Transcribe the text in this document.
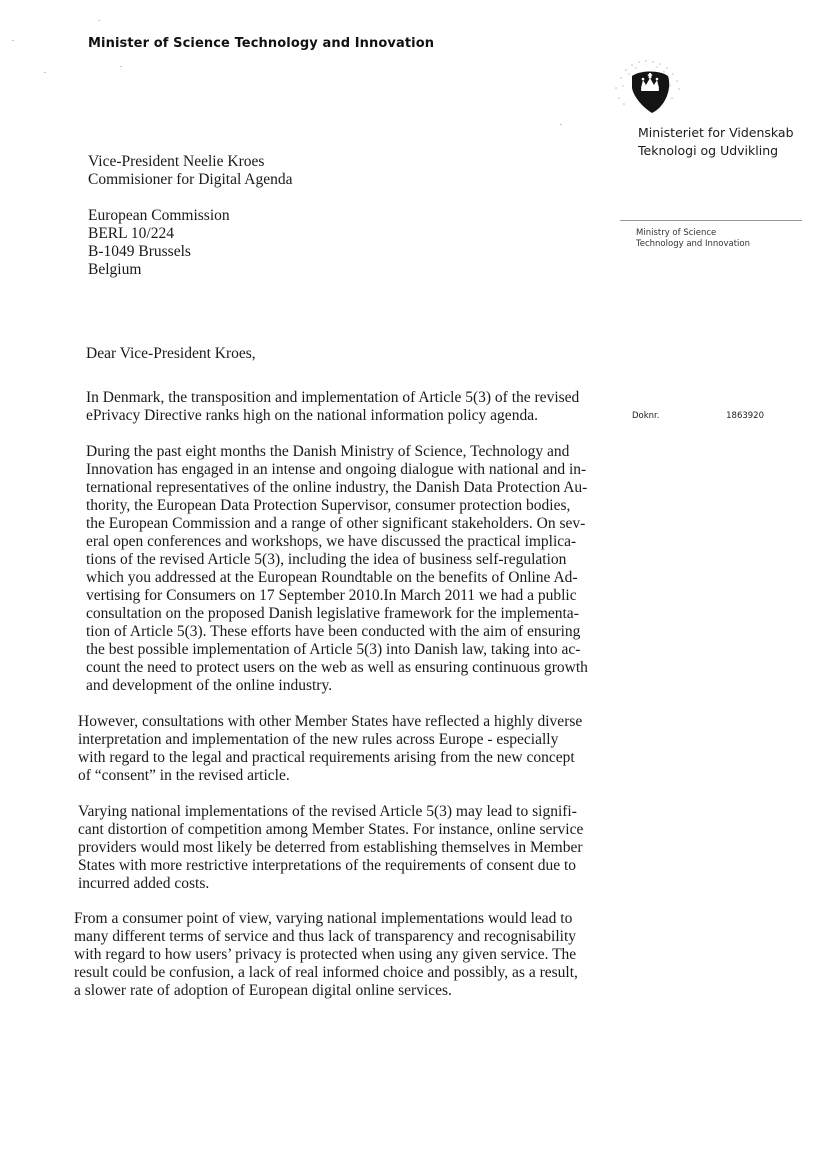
Minister of Science Technology and Innovation
Ministeriet for Videnskab
Teknologi og Udvikling
Ministry of Science
Technology and Innovation
Doknr.	1863920
Vice-President Neelie Kroes
Commisioner for Digital Agenda
European Commission
BERL 10/224
B-1049 Brussels
Belgium
Dear Vice-President Kroes,
In Denmark, the transposition and implementation of Article 5(3) of the revised
ePrivacy Directive ranks high on the national information policy agenda.
During the past eight months the Danish Ministry of Science, Technology and
Innovation has engaged in an intense and ongoing dialogue with national and in-
ternational representatives of the online industry, the Danish Data Protection Au-
thority, the European Data Protection Supervisor, consumer protection bodies,
the European Commission and a range of other significant stakeholders. On sev-
eral open conferences and workshops, we have discussed the practical implica-
tions of the revised Article 5(3), including the idea of business self-regulation
which you addressed at the European Roundtable on the benefits of Online Ad-
vertising for Consumers on 17 September 2010.In March 2011 we had a public
consultation on the proposed Danish legislative framework for the implementa-
tion of Article 5(3). These efforts have been conducted with the aim of ensuring
the best possible implementation of Article 5(3) into Danish law, taking into ac-
count the need to protect users on the web as well as ensuring continuous growth
and development of the online industry.
However, consultations with other Member States have reflected a highly diverse
interpretation and implementation of the new rules across Europe - especially
with regard to the legal and practical requirements arising from the new concept
of “consent” in the revised article.
Varying national implementations of the revised Article 5(3) may lead to signifi-
cant distortion of competition among Member States. For instance, online service
providers would most likely be deterred from establishing themselves in Member
States with more restrictive interpretations of the requirements of consent due to
incurred added costs.
From a consumer point of view, varying national implementations would lead to
many different terms of service and thus lack of transparency and recognisability
with regard to how users’ privacy is protected when using any given service. The
result could be confusion, a lack of real informed choice and possibly, as a result,
a slower rate of adoption of European digital online services.
